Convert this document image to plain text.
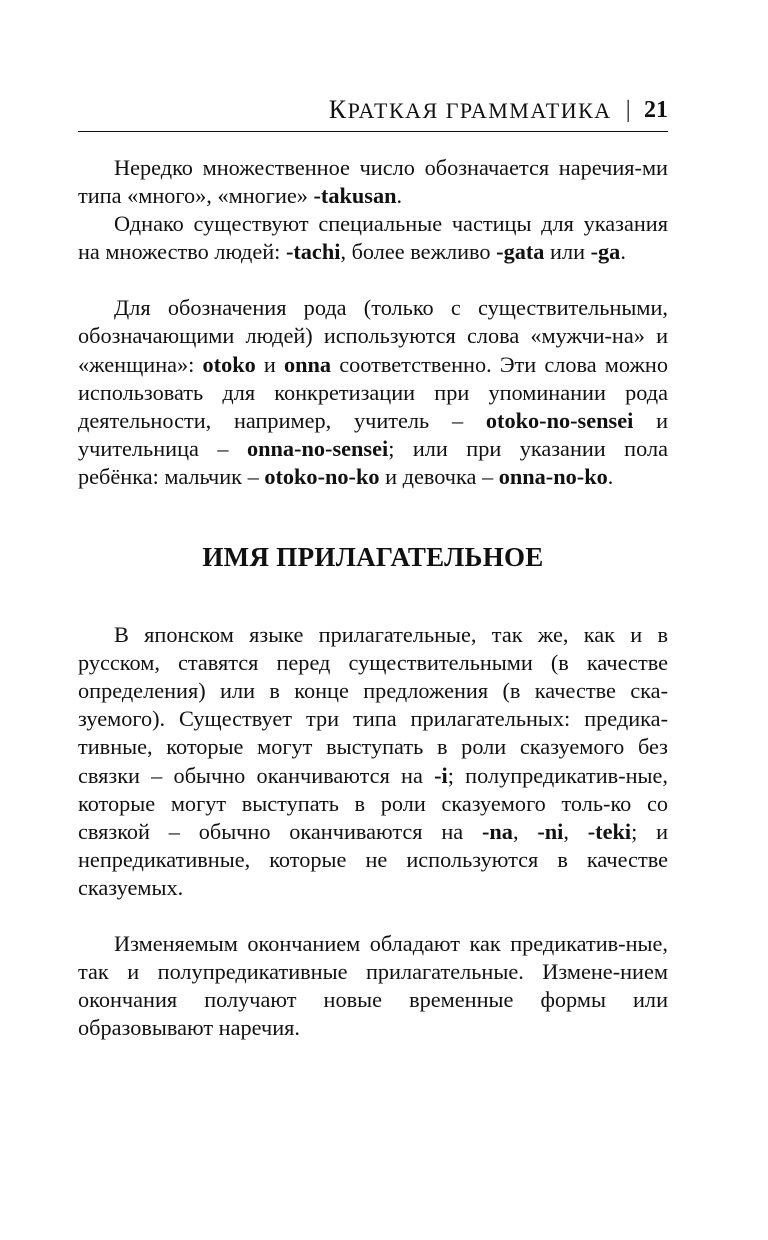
КРАТКАЯ ГРАММАТИКА | 21

Нередко множественное число обозначается наречия-ми типа «много», «многие» -takusan.

Однако существуют специальные частицы для указания на множество людей: -tachi, более вежливо -gata или -ga.

Для обозначения рода (только с существительными, обозначающими людей) используются слова «мужчи-на» и «женщина»: otoko и onna соответственно. Эти слова можно использовать для конкретизации при упоминании рода деятельности, например, учитель – otoko-no-sensei и учительница – onna-no-sensei; или при указании пола ребёнка: мальчик – otoko-no-ko и девочка – onna-no-ko.

ИМЯ ПРИЛАГАТЕЛЬНОЕ

В японском языке прилагательные, так же, как и в русском, ставятся перед существительными (в качестве определения) или в конце предложения (в качестве ска-зуемого). Существует три типа прилагательных: предика-тивные, которые могут выступать в роли сказуемого без связки – обычно оканчиваются на -i; полупредикатив-ные, которые могут выступать в роли сказуемого толь-ко со связкой – обычно оканчиваются на -na, -ni, -teki; и непредикативные, которые не используются в качестве сказуемых.

Изменяемым окончанием обладают как предикатив-ные, так и полупредикативные прилагательные. Измене-нием окончания получают новые временные формы или образовывают наречия.
